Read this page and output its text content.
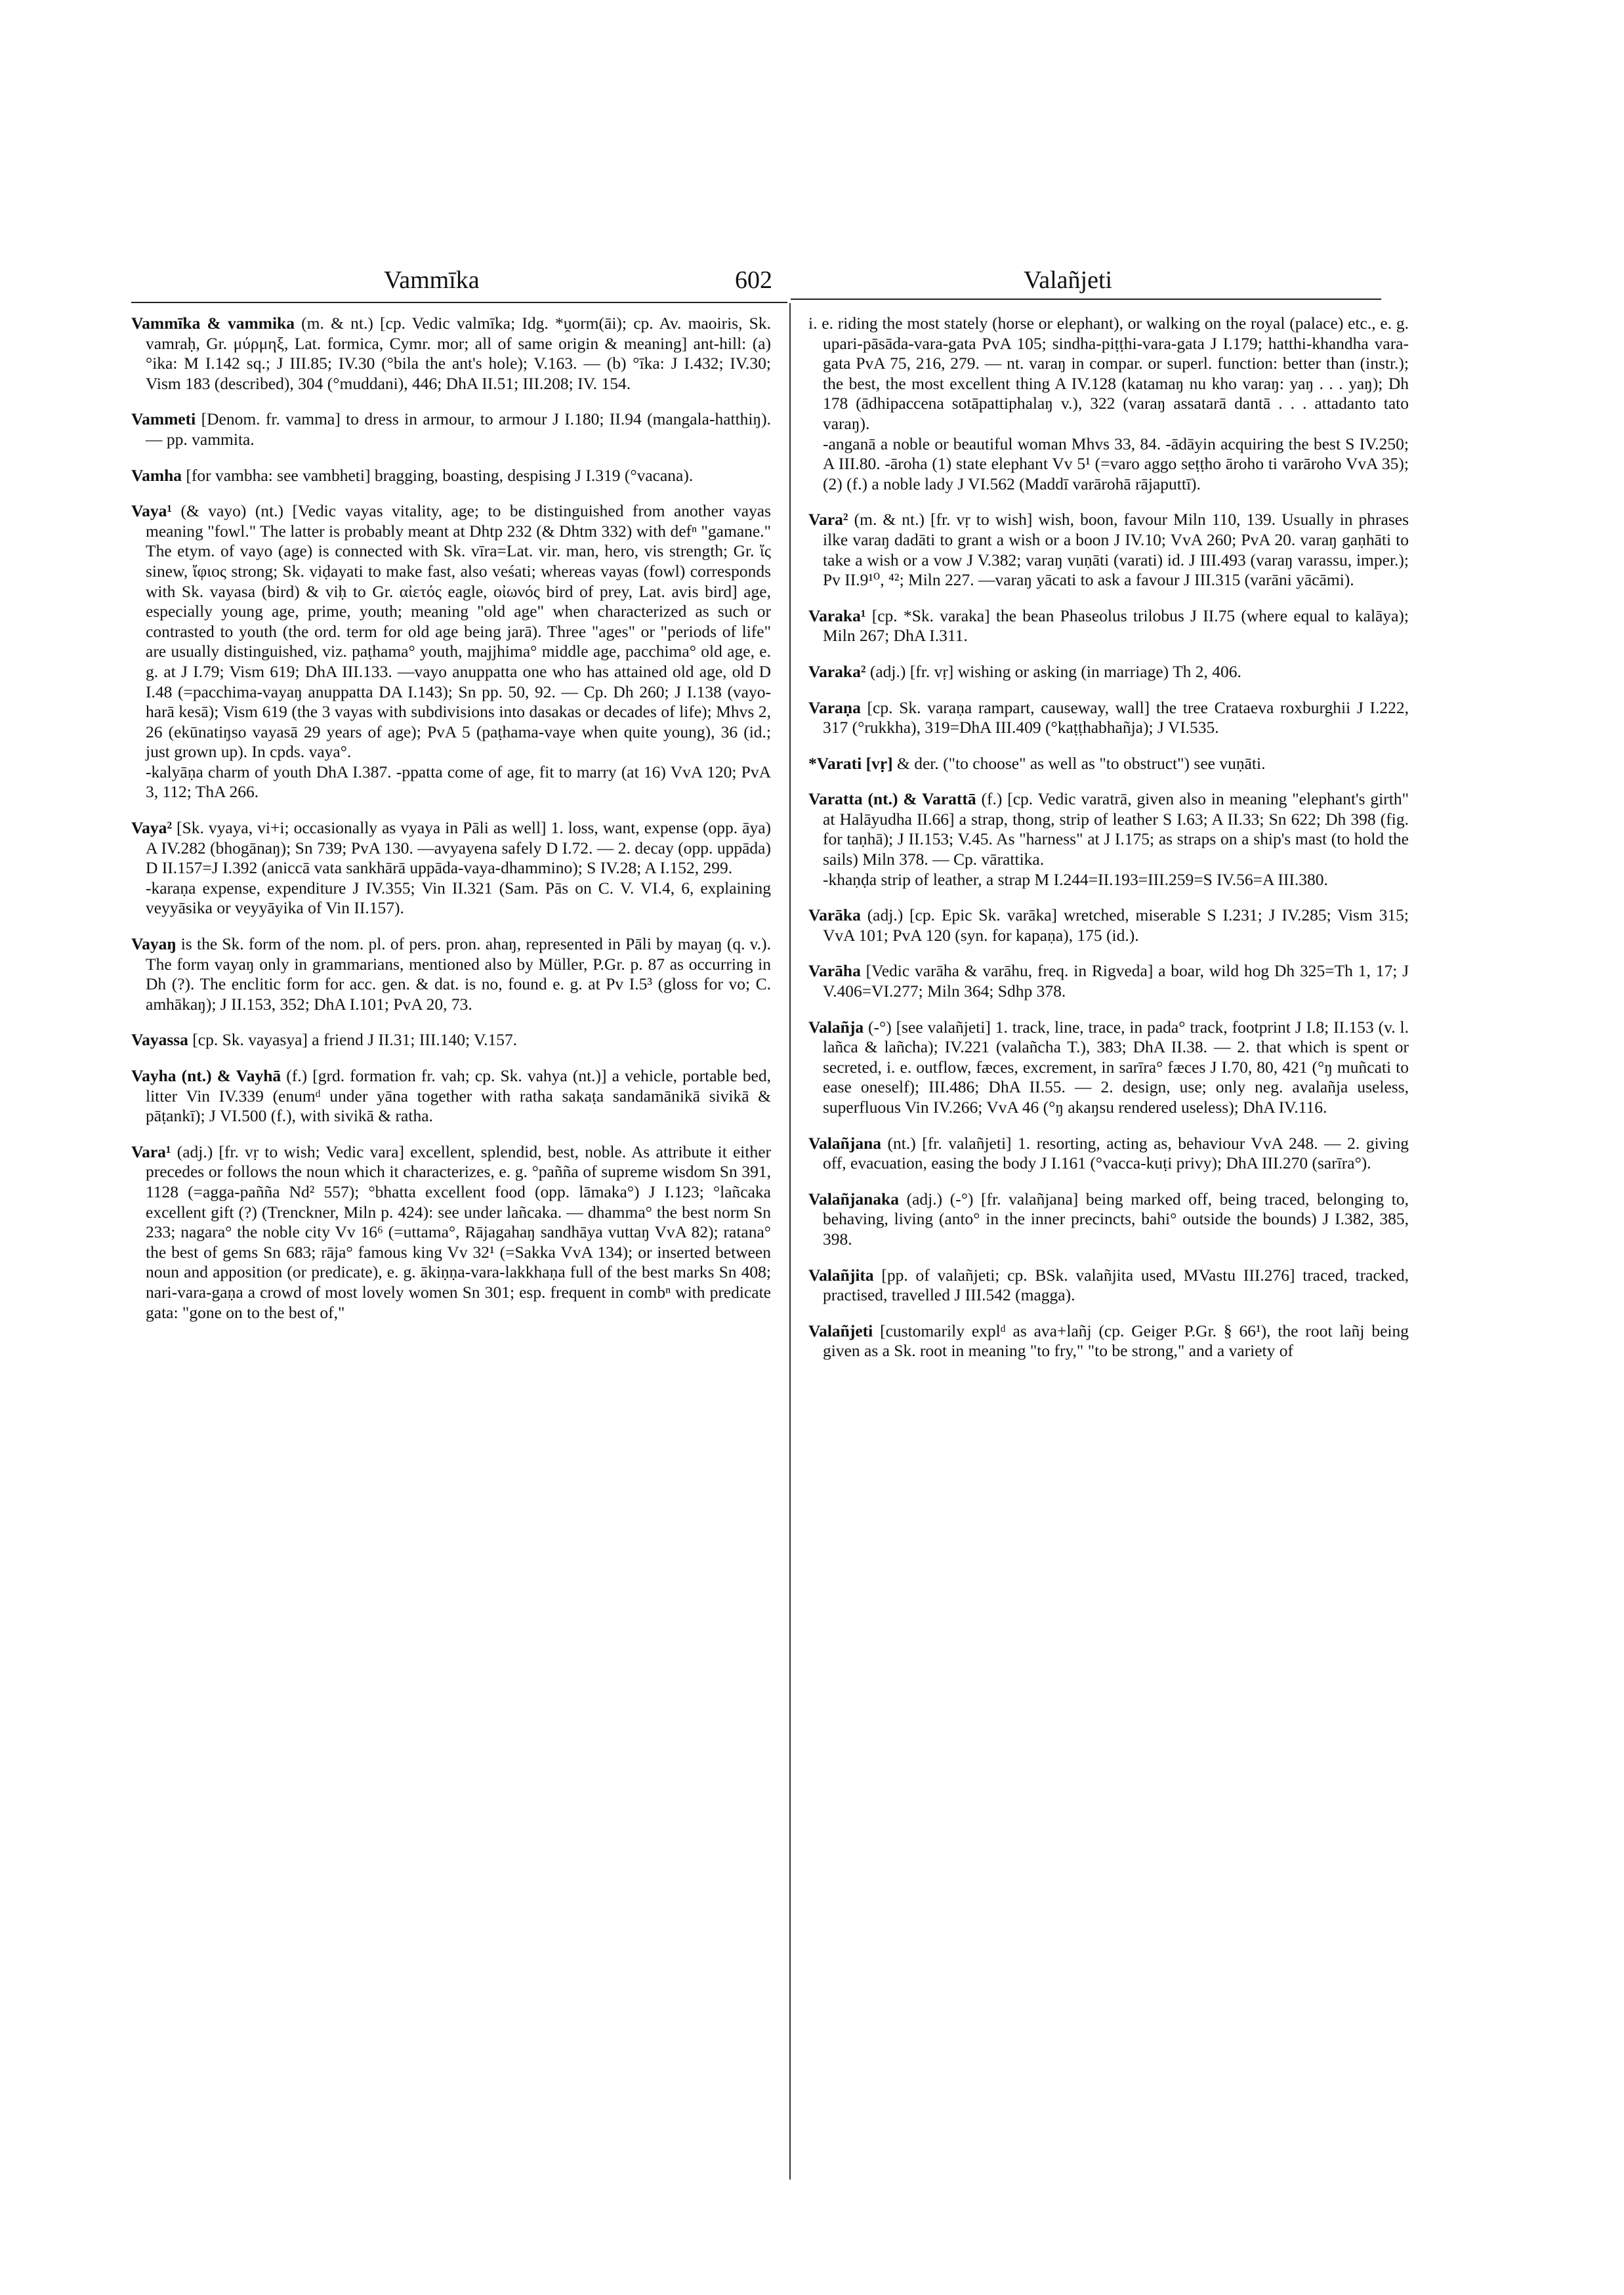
Vammīka	602	Valañjeti
Vammīka & vammika (m. & nt.) [cp. Vedic valmīka; Idg. *ṷorm(āi); cp. Av. maoiris, Sk. vamraḥ, Gr. μύρμηξ, Lat. formica, Cymr. mor; all of same origin & meaning] ant-hill: (a) °ika: M I.142 sq.; J III.85; IV.30 (°bila the ant's hole); V.163. — (b) °īka: J I.432; IV.30; Vism 183 (described), 304 (°muddani), 446; DhA II.51; III.208; IV. 154.
Vammeti [Denom. fr. vamma] to dress in armour, to armour J I.180; II.94 (mangala-hatthiŋ). — pp. vammita.
Vamha [for vambha: see vambheti] bragging, boasting, despising J I.319 (°vacana).
Vaya¹ (& vayo) (nt.) [Vedic vayas vitality, age; to be distinguished from another vayas meaning "fowl." The latter is probably meant at Dhtp 232 (& Dhtm 332) with defⁿ "gamane." The etym. of vayo (age) is connected with Sk. vīra=Lat. vir. man, hero, vis strength; Gr. ἴς sinew, ἴφιος strong; Sk. viḍayati to make fast, also veśati; whereas vayas (fowl) corresponds with Sk. vayasa (bird) & viḥ to Gr. αἰετός eagle, οἰωνός bird of prey, Lat. avis bird] age, especially young age, prime, youth; meaning "old age" when characterized as such or contrasted to youth (the ord. term for old age being jarā). Three "ages" or "periods of life" are usually distinguished, viz. paṭhama° youth, majjhima° middle age, pacchima° old age, e. g. at J I.79; Vism 619; DhA III.133. —vayo anuppatta one who has attained old age, old D I.48 (=pacchima-vayaŋ anuppatta DA I.143); Sn pp. 50, 92. — Cp. Dh 260; J I.138 (vayo-harā kesā); Vism 619 (the 3 vayas with subdivisions into dasakas or decades of life); Mhvs 2, 26 (ekūnatiŋso vayasā 29 years of age); PvA 5 (paṭhama-vaye when quite young), 36 (id.; just grown up). In cpds. vaya°.
-kalyāṇa charm of youth DhA I.387. -ppatta come of age, fit to marry (at 16) VvA 120; PvA 3, 112; ThA 266.
Vaya² [Sk. vyaya, vi+i; occasionally as vyaya in Pāli as well] 1. loss, want, expense (opp. āya) A IV.282 (bhogānaŋ); Sn 739; PvA 130. —avyayena safely D I.72. — 2. decay (opp. uppāda) D II.157=J I.392 (aniccā vata sankhārā uppāda-vaya-dhammino); S IV.28; A I.152, 299.
-karaṇa expense, expenditure J IV.355; Vin II.321 (Sam. Pās on C. V. VI.4, 6, explaining veyyāsika or veyyāyika of Vin II.157).
Vayaŋ is the Sk. form of the nom. pl. of pers. pron. ahaŋ, represented in Pāli by mayaŋ (q. v.). The form vayaŋ only in grammarians, mentioned also by Müller, P.Gr. p. 87 as occurring in Dh (?). The enclitic form for acc. gen. & dat. is no, found e. g. at Pv I.5³ (gloss for vo; C. amhākaŋ); J II.153, 352; DhA I.101; PvA 20, 73.
Vayassa [cp. Sk. vayasya] a friend J II.31; III.140; V.157.
Vayha (nt.) & Vayhā (f.) [grd. formation fr. vah; cp. Sk. vahya (nt.)] a vehicle, portable bed, litter Vin IV.339 (enumᵈ under yāna together with ratha sakaṭa sandamānikā sivikā & pāṭankī); J VI.500 (f.), with sivikā & ratha.
Vara¹ (adj.) [fr. vṛ to wish; Vedic vara] excellent, splendid, best, noble. As attribute it either precedes or follows the noun which it characterizes, e. g. °pañña of supreme wisdom Sn 391, 1128 (=agga-pañña Nd² 557); °bhatta excellent food (opp. lāmaka°) J I.123; °lañcaka excellent gift (?) (Trenckner, Miln p. 424): see under lañcaka. — dhamma° the best norm Sn 233; nagara° the noble city Vv 16⁶ (=uttama°, Rājagahaŋ sandhāya vuttaŋ VvA 82); ratana° the best of gems Sn 683; rāja° famous king Vv 32¹ (=Sakka VvA 134); or inserted between noun and apposition (or predicate), e. g. ākiṇṇa-vara-lakkhaṇa full of the best marks Sn 408; nari-vara-gaṇa a crowd of most lovely women Sn 301; esp. frequent in combⁿ with predicate gata: "gone on to the best of,"
i. e. riding the most stately (horse or elephant), or walking on the royal (palace) etc., e. g. upari-pāsāda-vara-gata PvA 105; sindha-piṭṭhi-vara-gata J I.179; hatthi-khandha vara-gata PvA 75, 216, 279. — nt. varaŋ in compar. or superl. function: better than (instr.); the best, the most excellent thing A IV.128 (katamaŋ nu kho varaŋ: yaŋ . . . yaŋ); Dh 178 (ādhipaccena sotāpattiphalaŋ v.), 322 (varaŋ assatarā dantā . . . attadanto tato varaŋ).
-anganā a noble or beautiful woman Mhvs 33, 84. -ādāyin acquiring the best S IV.250; A III.80. -āroha (1) state elephant Vv 5¹ (=varo aggo seṭṭho āroho ti varāroho VvA 35); (2) (f.) a noble lady J VI.562 (Maddī varārohā rājaputtī).
Vara² (m. & nt.) [fr. vṛ to wish] wish, boon, favour Miln 110, 139. Usually in phrases ilke varaŋ dadāti to grant a wish or a boon J IV.10; VvA 260; PvA 20. varaŋ gaṇhāti to take a wish or a vow J V.382; varaŋ vuṇāti (varati) id. J III.493 (varaŋ varassu, imper.); Pv II.9¹⁰, ⁴²; Miln 227. —varaŋ yācati to ask a favour J III.315 (varāni yācāmi).
Varaka¹ [cp. *Sk. varaka] the bean Phaseolus trilobus J II.75 (where equal to kalāya); Miln 267; DhA I.311.
Varaka² (adj.) [fr. vṛ] wishing or asking (in marriage) Th 2, 406.
Varaṇa [cp. Sk. varaṇa rampart, causeway, wall] the tree Crataeva roxburghii J I.222, 317 (°rukkha), 319=DhA III.409 (°kaṭṭhabhañja); J VI.535.
*Varati [vṛ] & der. ("to choose" as well as "to obstruct") see vuṇāti.
Varatta (nt.) & Varattā (f.) [cp. Vedic varatrā, given also in meaning "elephant's girth" at Halāyudha II.66] a strap, thong, strip of leather S I.63; A II.33; Sn 622; Dh 398 (fig. for taṇhā); J II.153; V.45. As "harness" at J I.175; as straps on a ship's mast (to hold the sails) Miln 378. — Cp. vārattika.
-khaṇḍa strip of leather, a strap M I.244=II.193=III.259=S IV.56=A III.380.
Varāka (adj.) [cp. Epic Sk. varāka] wretched, miserable S I.231; J IV.285; Vism 315; VvA 101; PvA 120 (syn. for kapaṇa), 175 (id.).
Varāha [Vedic varāha & varāhu, freq. in Rigveda] a boar, wild hog Dh 325=Th 1, 17; J V.406=VI.277; Miln 364; Sdhp 378.
Valañja (-°) [see valañjeti] 1. track, line, trace, in pada° track, footprint J I.8; II.153 (v. l. lañca & lañcha); IV.221 (valañcha T.), 383; DhA II.38. — 2. that which is spent or secreted, i. e. outflow, fæces, excrement, in sarīra° fæces J I.70, 80, 421 (°ŋ muñcati to ease oneself); III.486; DhA II.55. — 2. design, use; only neg. avalañja useless, superfluous Vin IV.266; VvA 46 (°ŋ akaŋsu rendered useless); DhA IV.116.
Valañjana (nt.) [fr. valañjeti] 1. resorting, acting as, behaviour VvA 248. — 2. giving off, evacuation, easing the body J I.161 (°vacca-kuṭi privy); DhA III.270 (sarīra°).
Valañjanaka (adj.) (-°) [fr. valañjana] being marked off, being traced, belonging to, behaving, living (anto° in the inner precincts, bahi° outside the bounds) J I.382, 385, 398.
Valañjita [pp. of valañjeti; cp. BSk. valañjita used, MVastu III.276] traced, tracked, practised, travelled J III.542 (magga).
Valañjeti [customarily explᵈ as ava+lañj (cp. Geiger P.Gr. § 66¹), the root lañj being given as a Sk. root in meaning "to fry," "to be strong," and a variety of
